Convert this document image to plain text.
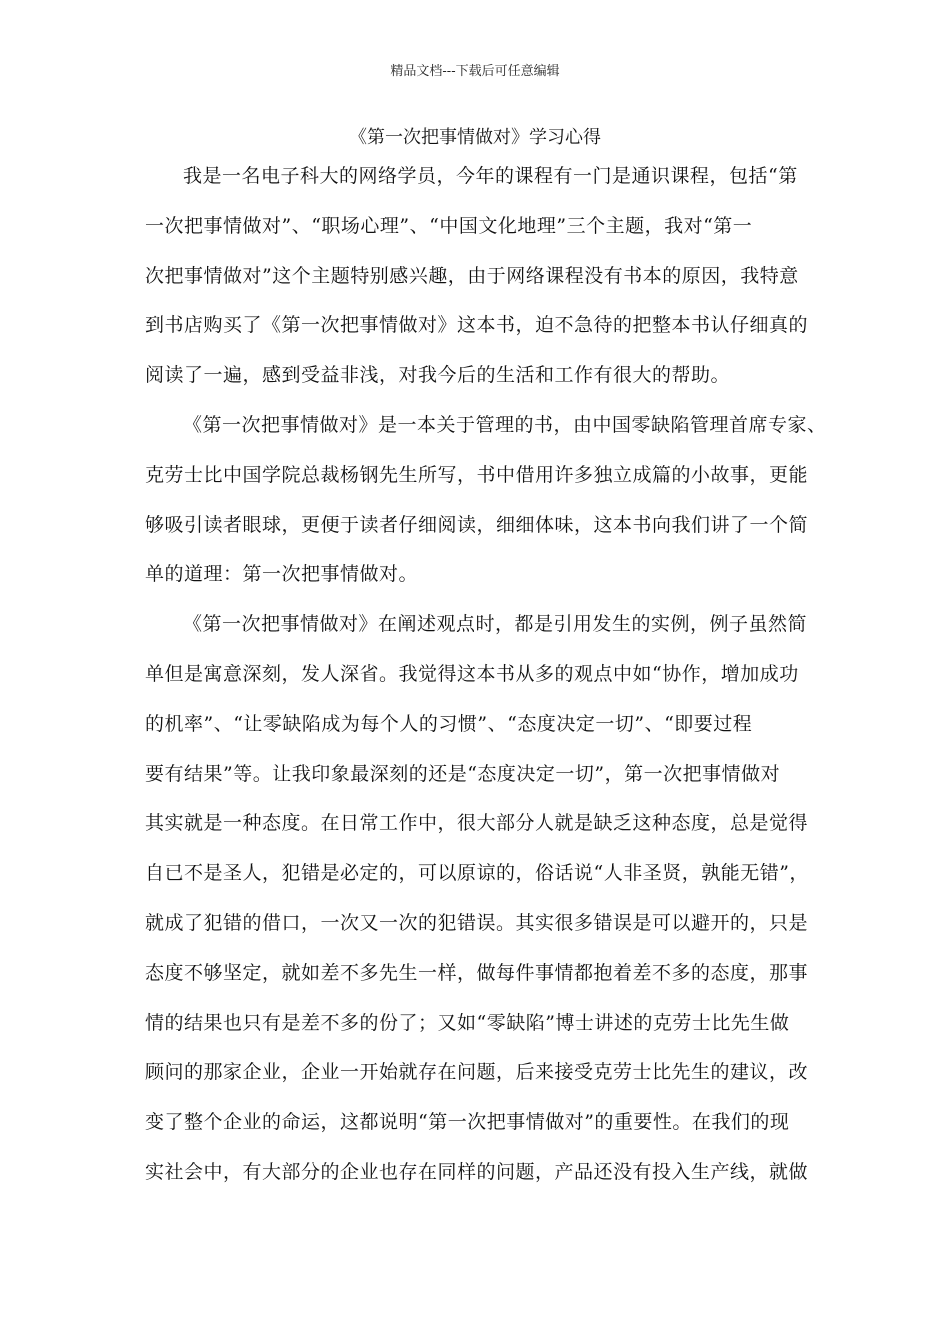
精品文档---下载后可任意编辑
《第一次把事情做对》学习心得
我是一名电子科大的网络学员，今年的课程有一门是通识课程，包括“第
一次把事情做对”、“职场心理”、“中国文化地理”三个主题，我对“第一
次把事情做对”这个主题特别感兴趣，由于网络课程没有书本的原因，我特意
到书店购买了《第一次把事情做对》这本书，迫不急待的把整本书认仔细真的
阅读了一遍，感到受益非浅，对我今后的生活和工作有很大的帮助。
《第一次把事情做对》是一本关于管理的书，由中国零缺陷管理首席专家、
克劳士比中国学院总裁杨钢先生所写，书中借用许多独立成篇的小故事，更能
够吸引读者眼球，更便于读者仔细阅读，细细体味，这本书向我们讲了一个简
单的道理：第一次把事情做对。
《第一次把事情做对》在阐述观点时，都是引用发生的实例，例子虽然简
单但是寓意深刻，发人深省。我觉得这本书从多的观点中如“协作，增加成功
的机率”、“让零缺陷成为每个人的习惯”、“态度决定一切”、“即要过程
要有结果”等。让我印象最深刻的还是“态度决定一切”，第一次把事情做对
其实就是一种态度。在日常工作中，很大部分人就是缺乏这种态度，总是觉得
自已不是圣人，犯错是必定的，可以原谅的，俗话说“人非圣贤，孰能无错”，
就成了犯错的借口，一次又一次的犯错误。其实很多错误是可以避开的，只是
态度不够坚定，就如差不多先生一样，做每件事情都抱着差不多的态度，那事
情的结果也只有是差不多的份了；又如“零缺陷”博士讲述的克劳士比先生做
顾问的那家企业，企业一开始就存在问题，后来接受克劳士比先生的建议，改
变了整个企业的命运，这都说明“第一次把事情做对”的重要性。在我们的现
实社会中，有大部分的企业也存在同样的问题，产品还没有投入生产线，就做
